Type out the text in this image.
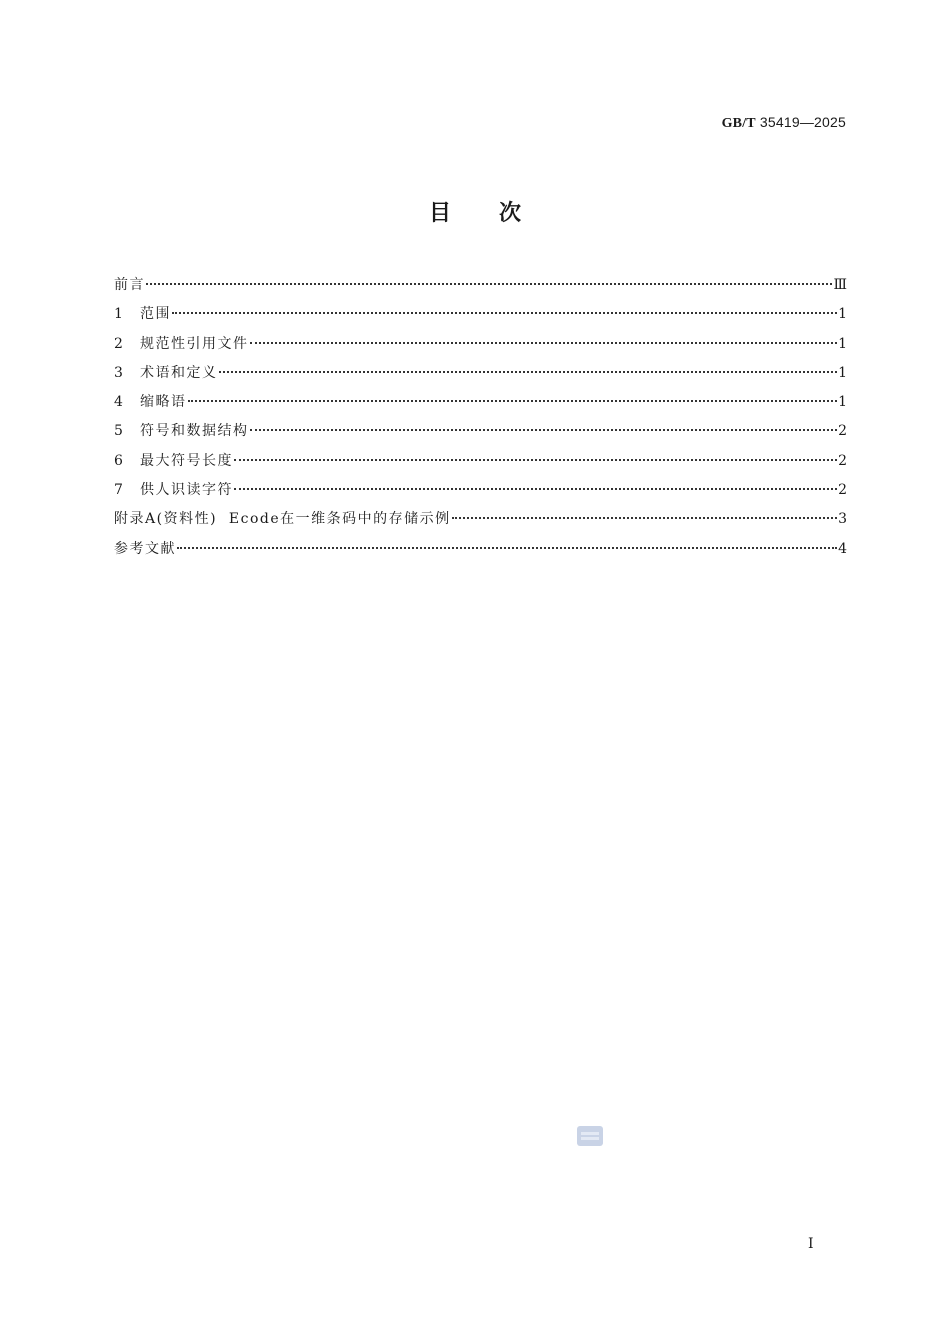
GB/T 35419—2025
目次
前言	Ⅲ
1 范围	1
2 规范性引用文件	1
3 术语和定义	1
4 缩略语	1
5 符号和数据结构	2
6 最大符号长度	2
7 供人识读字符	2
附录A(资料性)  Ecode在一维条码中的存储示例	3
参考文献	4
I
